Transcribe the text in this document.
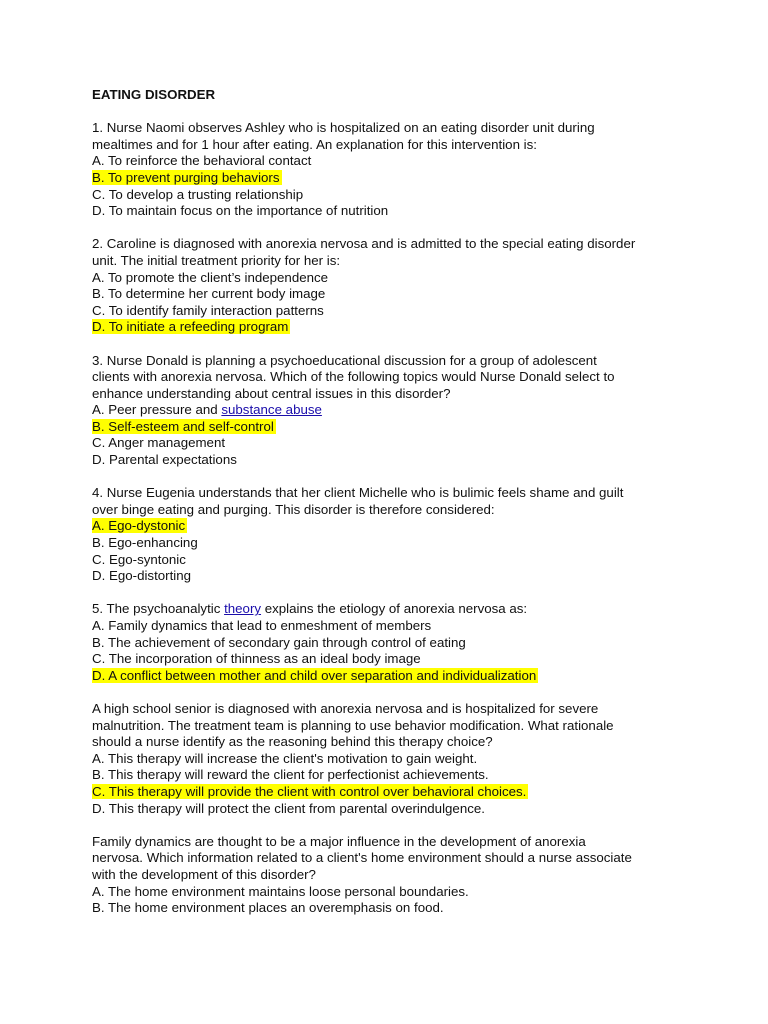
EATING DISORDER
1. Nurse Naomi observes Ashley who is hospitalized on an eating disorder unit during
mealtimes and for 1 hour after eating. An explanation for this intervention is:
A. To reinforce the behavioral contact
B. To prevent purging behaviors
C. To develop a trusting relationship
D. To maintain focus on the importance of nutrition
2. Caroline is diagnosed with anorexia nervosa and is admitted to the special eating disorder
unit. The initial treatment priority for her is:
A. To promote the client’s independence
B. To determine her current body image
C. To identify family interaction patterns
D. To initiate a refeeding program
3. Nurse Donald is planning a psychoeducational discussion for a group of adolescent
clients with anorexia nervosa. Which of the following topics would Nurse Donald select to
enhance understanding about central issues in this disorder?
A. Peer pressure and substance abuse
B. Self-esteem and self-control
C. Anger management
D. Parental expectations
4. Nurse Eugenia understands that her client Michelle who is bulimic feels shame and guilt
over binge eating and purging. This disorder is therefore considered:
A. Ego-dystonic
B. Ego-enhancing
C. Ego-syntonic
D. Ego-distorting
5. The psychoanalytic theory explains the etiology of anorexia nervosa as:
A. Family dynamics that lead to enmeshment of members
B. The achievement of secondary gain through control of eating
C. The incorporation of thinness as an ideal body image
D. A conflict between mother and child over separation and individualization
A high school senior is diagnosed with anorexia nervosa and is hospitalized for severe
malnutrition. The treatment team is planning to use behavior modification. What rationale
should a nurse identify as the reasoning behind this therapy choice?
A. This therapy will increase the client's motivation to gain weight.
B. This therapy will reward the client for perfectionist achievements.
C. This therapy will provide the client with control over behavioral choices.
D. This therapy will protect the client from parental overindulgence.
Family dynamics are thought to be a major influence in the development of anorexia
nervosa. Which information related to a client's home environment should a nurse associate
with the development of this disorder?
A. The home environment maintains loose personal boundaries.
B. The home environment places an overemphasis on food.
